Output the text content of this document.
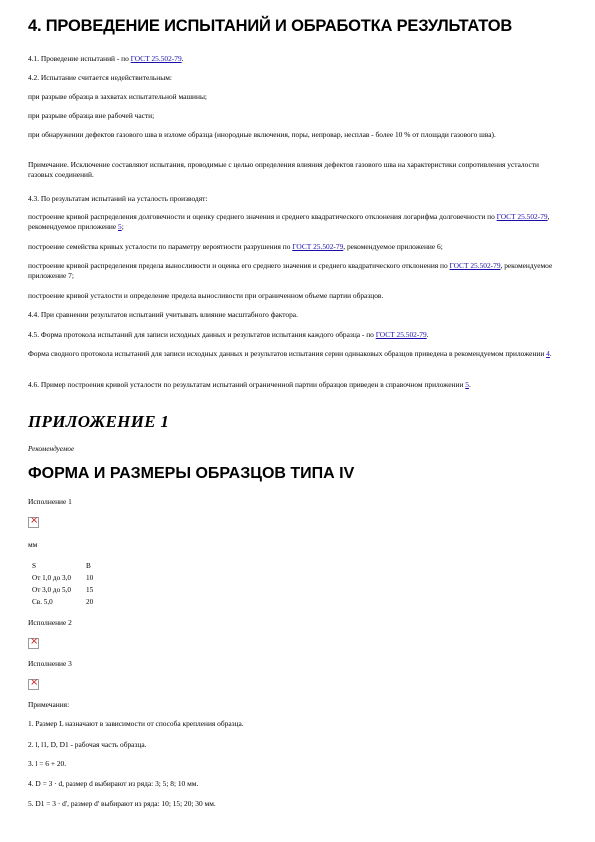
4. ПРОВЕДЕНИЕ ИСПЫТАНИЙ И ОБРАБОТКА РЕЗУЛЬТАТОВ

4.1. Проведение испытаний - по ГОСТ 25.502-79.

4.2. Испытание считается недействительным:

при разрыве образца в захватах испытательной машины;

при разрыве образца вне рабочей части;

при обнаружении дефектов газового шва в изломе образца (инородные включения, поры, непровар, несплав - более 10 % от площади газового шва).

Примечание. Исключение составляют испытания, проводимые с целью определения влияния дефектов газового шва на характеристики сопротивления усталости газовых соединений.

4.3. По результатам испытаний на усталость производят:

построение кривой распределения долговечности и оценку среднего значения и среднего квадратического отклонения логарифма долговечности по ГОСТ 25.502-79, рекомендуемое приложение 5;

построение семейства кривых усталости по параметру вероятности разрушения по ГОСТ 25.502-79, рекомендуемое приложение 6;

построение кривой распределения предела выносливости и оценка его среднего значения и среднего квадратического отклонения по ГОСТ 25.502-79, рекомендуемое приложение 7;

построение кривой усталости и определение предела выносливости при ограниченном объеме партии образцов.

4.4. При сравнении результатов испытаний учитывать влияние масштабного фактора.

4.5. Форма протокола испытаний для записи исходных данных и результатов испытания каждого образца - по ГОСТ 25.502-79.

Форма сводного протокола испытаний для записи исходных данных и результатов испытания серии одинаковых образцов приведена в рекомендуемом приложении 4.

4.6. Пример построения кривой усталости по результатам испытаний ограниченной партии образцов приведен в справочном приложении 5.

ПРИЛОЖЕНИЕ 1
Рекомендуемое
ФОРМА И РАЗМЕРЫ ОБРАЗЦОВ ТИПА IV

Исполнение 1

×

мм

S	B
От 1,0 до 3,0	10
От 3,0 до 5,0	15
Св. 5,0	20

Исполнение 2

×

Исполнение 3

×

Примечания:

1. Размер L назначают в зависимости от способа крепления образца.

2. l, l1, D, D1 - рабочая часть образца.

3. l = 6 + 20.

4. D = 3 · d, размер d выбирают из ряда: 3; 5; 8; 10 мм.

5. D1 = 3 · d', размер d' выбирают из ряда: 10; 15; 20; 30 мм.
